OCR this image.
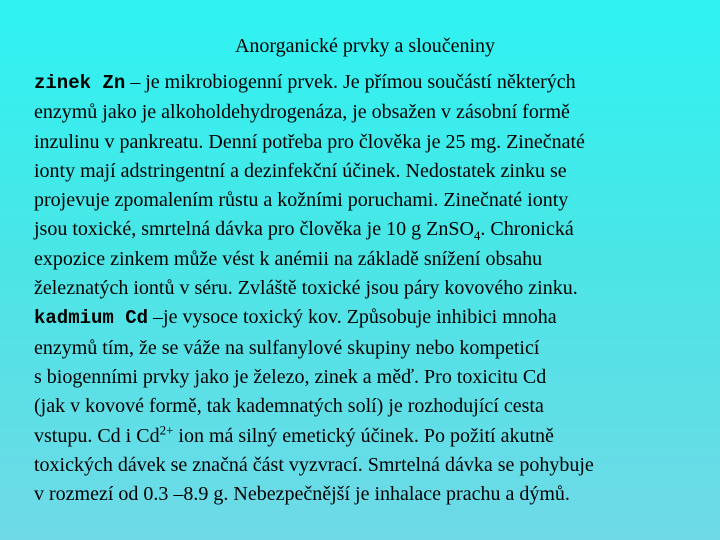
Anorganické prvky a sloučeniny
zinek Zn – je mikrobiogenní prvek. Je přímou součástí některých
enzymů jako je alkoholdehydrogenáza, je obsažen v zásobní formě
inzulinu v pankreatu. Denní potřeba pro člověka je 25 mg. Zinečnaté
ionty mají adstringentní a dezinfekční účinek. Nedostatek zinku se
projevuje zpomalením růstu a kožními poruchami. Zinečnaté ionty
jsou toxické, smrtelná dávka pro člověka je 10 g ZnSO$_4$. Chronická
expozice zinkem může vést k anémii na základě snížení obsahu
železnatých iontů v séru. Zvláště toxické jsou páry kovového zinku.
kadmium Cd –je vysoce toxický kov. Způsobuje inhibici mnoha
enzymů tím, že se váže na sulfanylové skupiny nebo kompeticí
s biogenními prvky jako je železo, zinek a měď. Pro toxicitu Cd
(jak v kovové formě, tak kademnatých solí) je rozhodující cesta
vstupu. Cd i $Cd^{2+}$ ion má silný emetický účinek. Po požití akutně
toxických dávek se značná část vyzvrací. Smrtelná dávka se pohybuje
v rozmezí od 0.3 –8.9 g. Nebezpečnější je inhalace prachu a dýmů.
